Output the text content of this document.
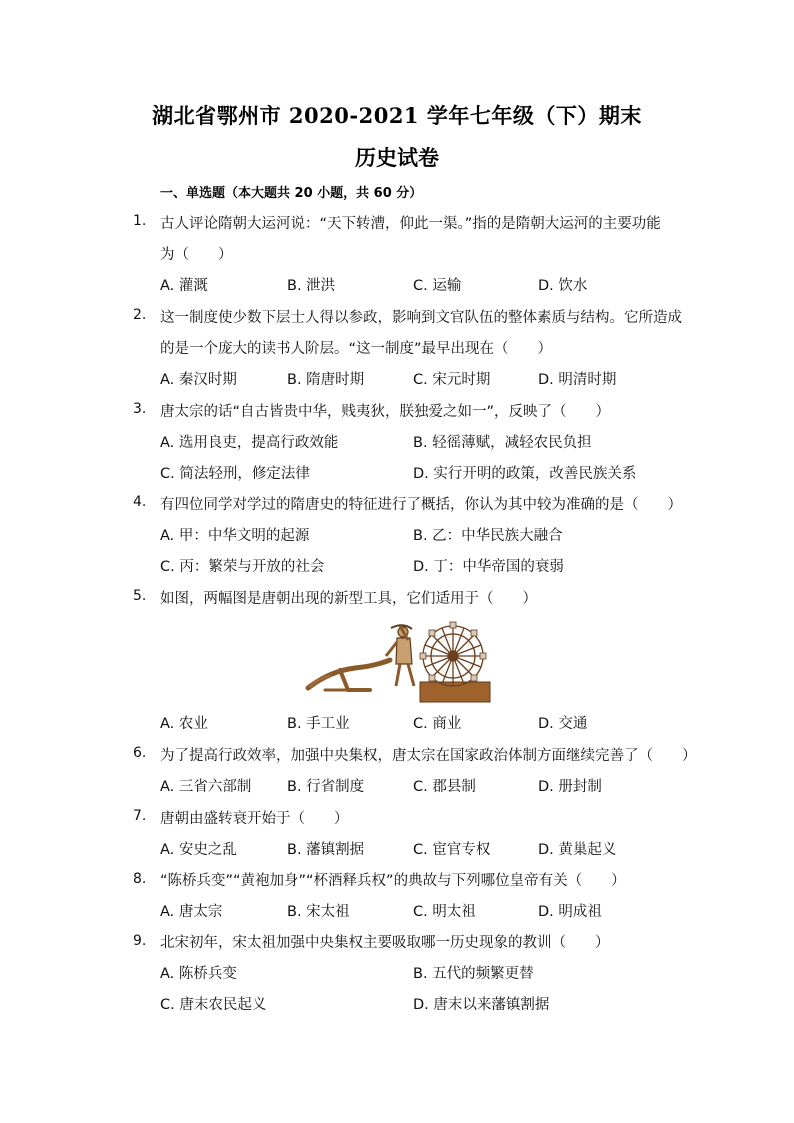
湖北省鄂州市 2020-2021 学年七年级（下）期末
历史试卷
一、单选题（本大题共 20 小题，共 60 分）
1. 古人评论隋朝大运河说：“天下转漕，仰此一渠。”指的是隋朝大运河的主要功能
为（　　）
A. 灌溉	B. 泄洪	C. 运输	D. 饮水
2. 这一制度使少数下层士人得以参政，影响到文官队伍的整体素质与结构。它所造成
的是一个庞大的读书人阶层。“这一制度”最早出现在（　　）
A. 秦汉时期	B. 隋唐时期	C. 宋元时期	D. 明清时期
3. 唐太宗的话“自古皆贵中华，贱夷狄，朕独爱之如一”，反映了（　　）
A. 选用良吏，提高行政效能	B. 轻徭薄赋，减轻农民负担
C. 简法轻刑，修定法律	D. 实行开明的政策，改善民族关系
4. 有四位同学对学过的隋唐史的特征进行了概括，你认为其中较为准确的是（　　）
A. 甲：中华文明的起源	B. 乙：中华民族大融合
C. 丙：繁荣与开放的社会	D. 丁：中华帝国的衰弱
5. 如图，两幅图是唐朝出现的新型工具，它们适用于（　　）
A. 农业	B. 手工业	C. 商业	D. 交通
6. 为了提高行政效率，加强中央集权，唐太宗在国家政治体制方面继续完善了（　　）
A. 三省六部制 B. 行省制度	C. 郡县制	D. 册封制
7. 唐朝由盛转衰开始于（　　）
A. 安史之乱	B. 藩镇割据	C. 宦官专权	D. 黄巢起义
8. “陈桥兵变”“黄袍加身”“杯酒释兵权”的典故与下列哪位皇帝有关（　　）
A. 唐太宗	B. 宋太祖	C. 明太祖	D. 明成祖
9. 北宋初年，宋太祖加强中央集权主要吸取哪一历史现象的教训（　　）
A. 陈桥兵变	B. 五代的频繁更替
C. 唐末农民起义	D. 唐末以来藩镇割据
